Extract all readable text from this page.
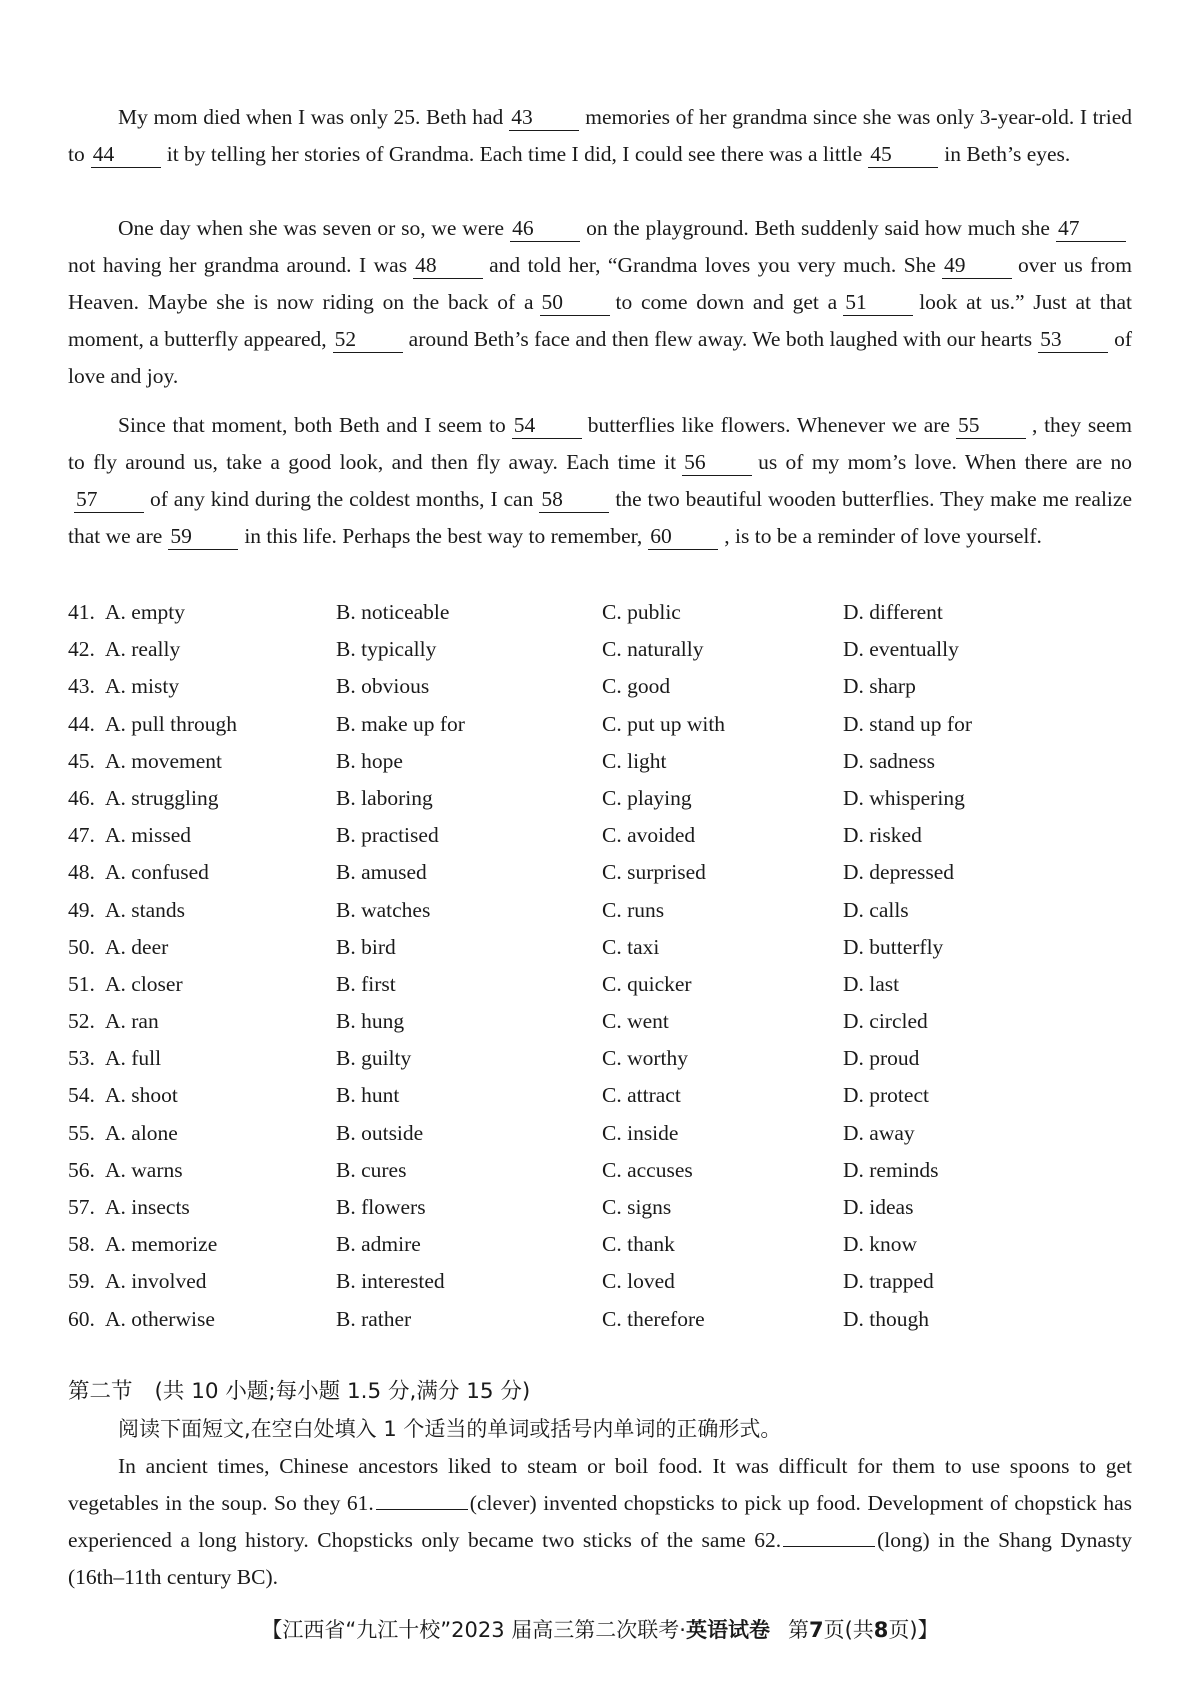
My mom died when I was only 25. Beth had 43 memories of her grandma since she was only 3-year-old. I tried to 44 it by telling her stories of Grandma. Each time I did, I could see there was a little 45 in Beth’s eyes.

One day when she was seven or so, we were 46 on the playground. Beth suddenly said how much she 47not having her grandma around. I was 48 and told her, “Grandma loves you very much. She 49 over us from Heaven. Maybe she is now riding on the back of a 50 to come down and get a 51 look at us.” Just at that moment, a butterfly appeared, 52 around Beth’s face and then flew away. We both laughed with our hearts 53 of love and joy.

Since that moment, both Beth and I seem to 54 butterflies like flowers. Whenever we are 55 , they seem to fly around us, take a good look, and then fly away. Each time it 56 us of my mom’s love. When there are no57 of any kind during the coldest months, I can 58 the two beautiful wooden butterflies. They make me realize that we are 59 in this life. Perhaps the best way to remember, 60 , is to be a reminder of love yourself.

41. A. empty	B. noticeable	C. public	D. different
42. A. really	B. typically	C. naturally	D. eventually
43. A. misty	B. obvious	C. good	D. sharp
44. A. pull through	B. make up for	C. put up with	D. stand up for
45. A. movement	B. hope	C. light	D. sadness
46. A. struggling	B. laboring	C. playing	D. whispering
47. A. missed	B. practised	C. avoided	D. risked
48. A. confused	B. amused	C. surprised	D. depressed
49. A. stands	B. watches	C. runs	D. calls
50. A. deer	B. bird	C. taxi	D. butterfly
51. A. closer	B. first	C. quicker	D. last
52. A. ran	B. hung	C. went	D. circled
53. A. full	B. guilty	C. worthy	D. proud
54. A. shoot	B. hunt	C. attract	D. protect
55. A. alone	B. outside	C. inside	D. away
56. A. warns	B. cures	C. accuses	D. reminds
57. A. insects	B. flowers	C. signs	D. ideas
58. A. memorize	B. admire	C. thank	D. know
59. A. involved	B. interested	C. loved	D. trapped
60. A. otherwise	B. rather	C. therefore	D. though

第二节 (共 10 小题;每小题 1.5 分,满分 15 分)

阅读下面短文,在空白处填入 1 个适当的单词或括号内单词的正确形式。

In ancient times, Chinese ancestors liked to steam or boil food. It was difficult for them to use spoons to get vegetables in the soup. So they 61.	(clever) invented chopsticks to pick up food. Development of chopstick has experienced a long history. Chopsticks only became two sticks of the same 62.	(long) in the Shang Dynasty (16th–11th century BC).

【江西省“九江十校”2023 届高三第二次联考·英语试卷 第7页(共8页)】
